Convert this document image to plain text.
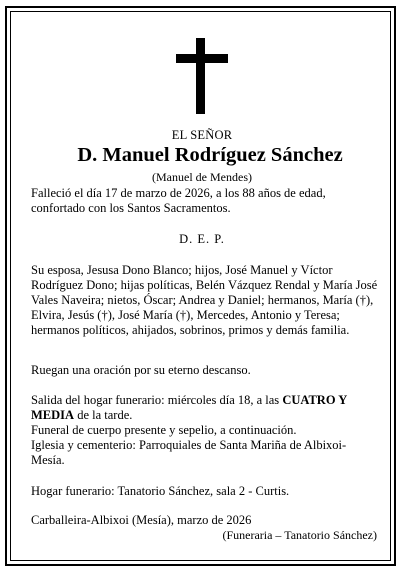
EL SEÑOR
D. Manuel Rodríguez Sánchez
(Manuel de Mendes)
Falleció el día 17 de marzo de 2026, a los 88 años de edad, confortado con los Santos Sacramentos.
D. E. P.
Su esposa, Jesusa Dono Blanco; hijos, José Manuel y Víctor Rodríguez Dono; hijas políticas, Belén Vázquez Rendal y María José Vales Naveira; nietos, Óscar; Andrea y Daniel; hermanos, María (†), Elvira, Jesús (†), José María (†), Mercedes, Antonio y Teresa; hermanos políticos, ahijados, sobrinos, primos y demás familia.
Ruegan una oración por su eterno descanso.
Salida del hogar funerario: miércoles día 18, a las CUATRO Y MEDIA de la tarde.
Funeral de cuerpo presente y sepelio, a continuación.
Iglesia y cementerio: Parroquiales de Santa Mariña de Albixoi-Mesía.
Hogar funerario: Tanatorio Sánchez, sala 2 - Curtis.
Carballeira-Albixoi (Mesía), marzo de 2026
(Funeraria – Tanatorio Sánchez)
